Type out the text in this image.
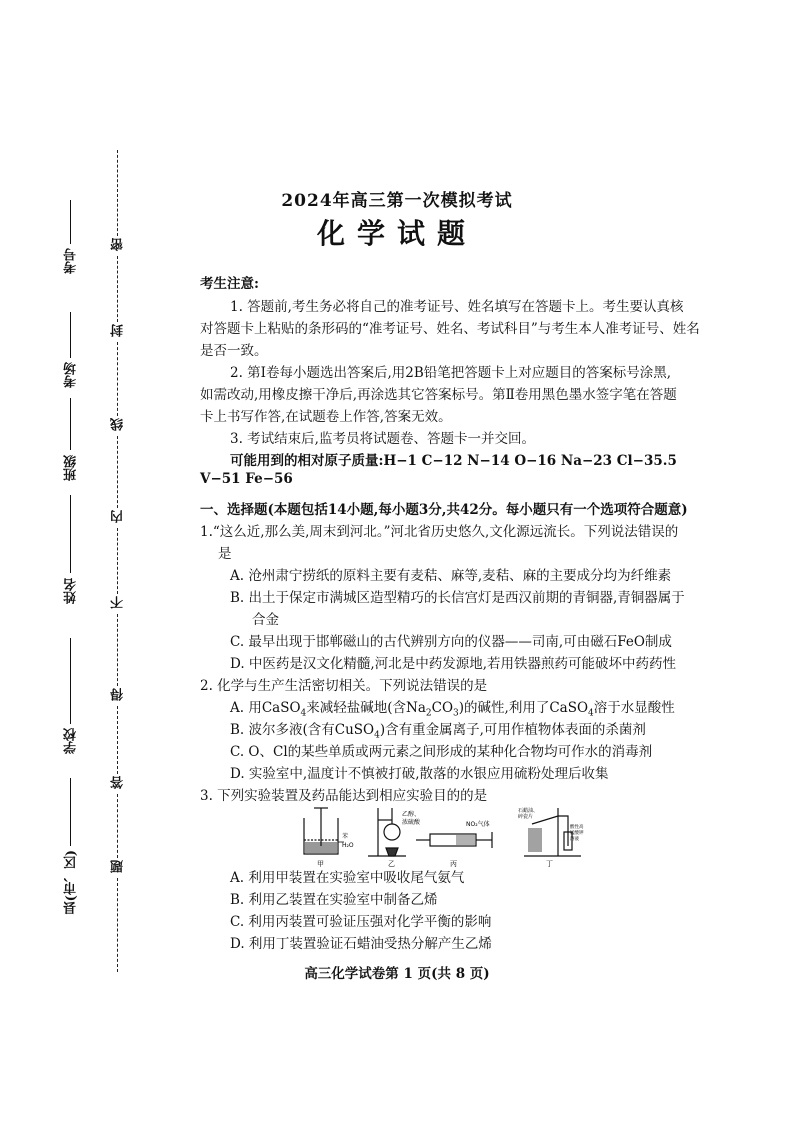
考号
考场
班级
姓名
学校
县(市、区)
密
封
线
内
不
得
答
题
2024年高三第一次模拟考试
化学试题
考生注意:
1. 答题前,考生务必将自己的准考证号、姓名填写在答题卡上。考生要认真核
对答题卡上粘贴的条形码的“准考证号、姓名、考试科目”与考生本人准考证号、姓名
是否一致。
2. 第Ⅰ卷每小题选出答案后,用2B铅笔把答题卡上对应题目的答案标号涂黑,
如需改动,用橡皮擦干净后,再涂选其它答案标号。第Ⅱ卷用黑色墨水签字笔在答题
卡上书写作答,在试题卷上作答,答案无效。
3. 考试结束后,监考员将试题卷、答题卡一并交回。
可能用到的相对原子质量:H−1 C−12 N−14 O−16 Na−23 Cl−35.5
V−51 Fe−56
一、选择题(本题包括14小题,每小题3分,共42分。每小题只有一个选项符合题意)
1.“这么近,那么美,周末到河北。”河北省历史悠久,文化源远流长。下列说法错误的
是
A. 沧州肃宁捞纸的原料主要有麦秸、麻等,麦秸、麻的主要成分均为纤维素
B. 出土于保定市满城区造型精巧的长信宫灯是西汉前期的青铜器,青铜器属于
合金
C. 最早出现于邯郸磁山的古代辨别方向的仪器——司南,可由磁石FeO制成
D. 中医药是汉文化精髓,河北是中药发源地,若用铁器煎药可能破坏中药药性
2. 化学与生产生活密切相关。下列说法错误的是
A. 用CaSO$_4$来减轻盐碱地(含$Na_2CO_3$)的碱性,利用了CaSO$_4$溶于水显酸性
B. 波尔多液(含有CuSO$_4$)含有重金属离子,可用作植物体表面的杀菌剂
C. O、Cl的某些单质或两元素之间形成的某种化合物均可作水的消毒剂
D. 实验室中,温度计不慎被打破,散落的水银应用硫粉处理后收集
3. 下列实验装置及药品能达到相应实验目的的是
甲
苯
H₂O
乙
乙醇、
浓硫酸
丙
NO₂气体
丁
石蜡油、
碎瓷片
酸性高
锰酸钾
溶液
A. 利用甲装置在实验室中吸收尾气氨气
B. 利用乙装置在实验室中制备乙烯
C. 利用丙装置可验证压强对化学平衡的影响
D. 利用丁装置验证石蜡油受热分解产生乙烯
高三化学试卷第 1 页(共 8 页)
